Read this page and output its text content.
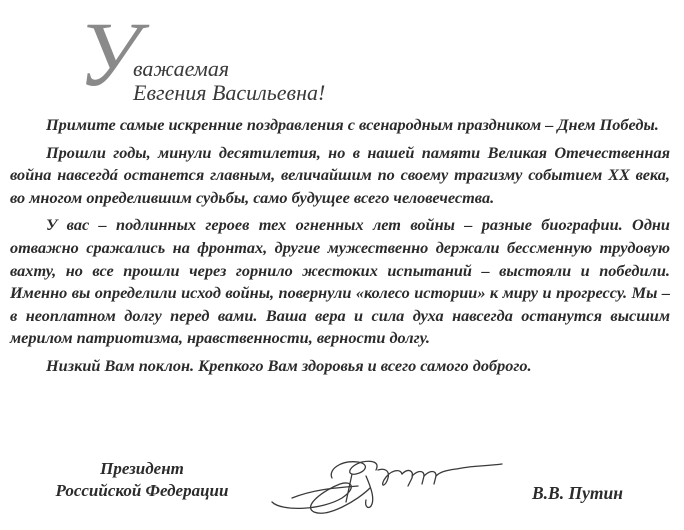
У
важаемая
Евгения Васильевна!

Примите самые искренние поздравления с всенародным праздником – Днем Победы.

Прошли годы, минули десятилетия, но в нашей памяти Великая Отечественная война навсегдá останется главным, величайшим по своему трагизму событием XX века, во многом определившим судьбы, само будущее всего человечества.

У вас – подлинных героев тех огненных лет войны – разные биографии. Одни отважно сражались на фронтах, другие мужественно держали бессменную трудовую вахту, но все прошли через горнило жестоких испытаний – выстояли и победили. Именно вы определили исход войны, повернули «колесо истории» к миру и прогрессу. Мы – в неоплатном долгу перед вами. Ваша вера и сила духа навсегда останутся высшим мерилом патриотизма, нравственности, верности долгу.

Низкий Вам поклон. Крепкого Вам здоровья и всего самого доброго.

Президент
Российской Федерации	В.В. Путин
